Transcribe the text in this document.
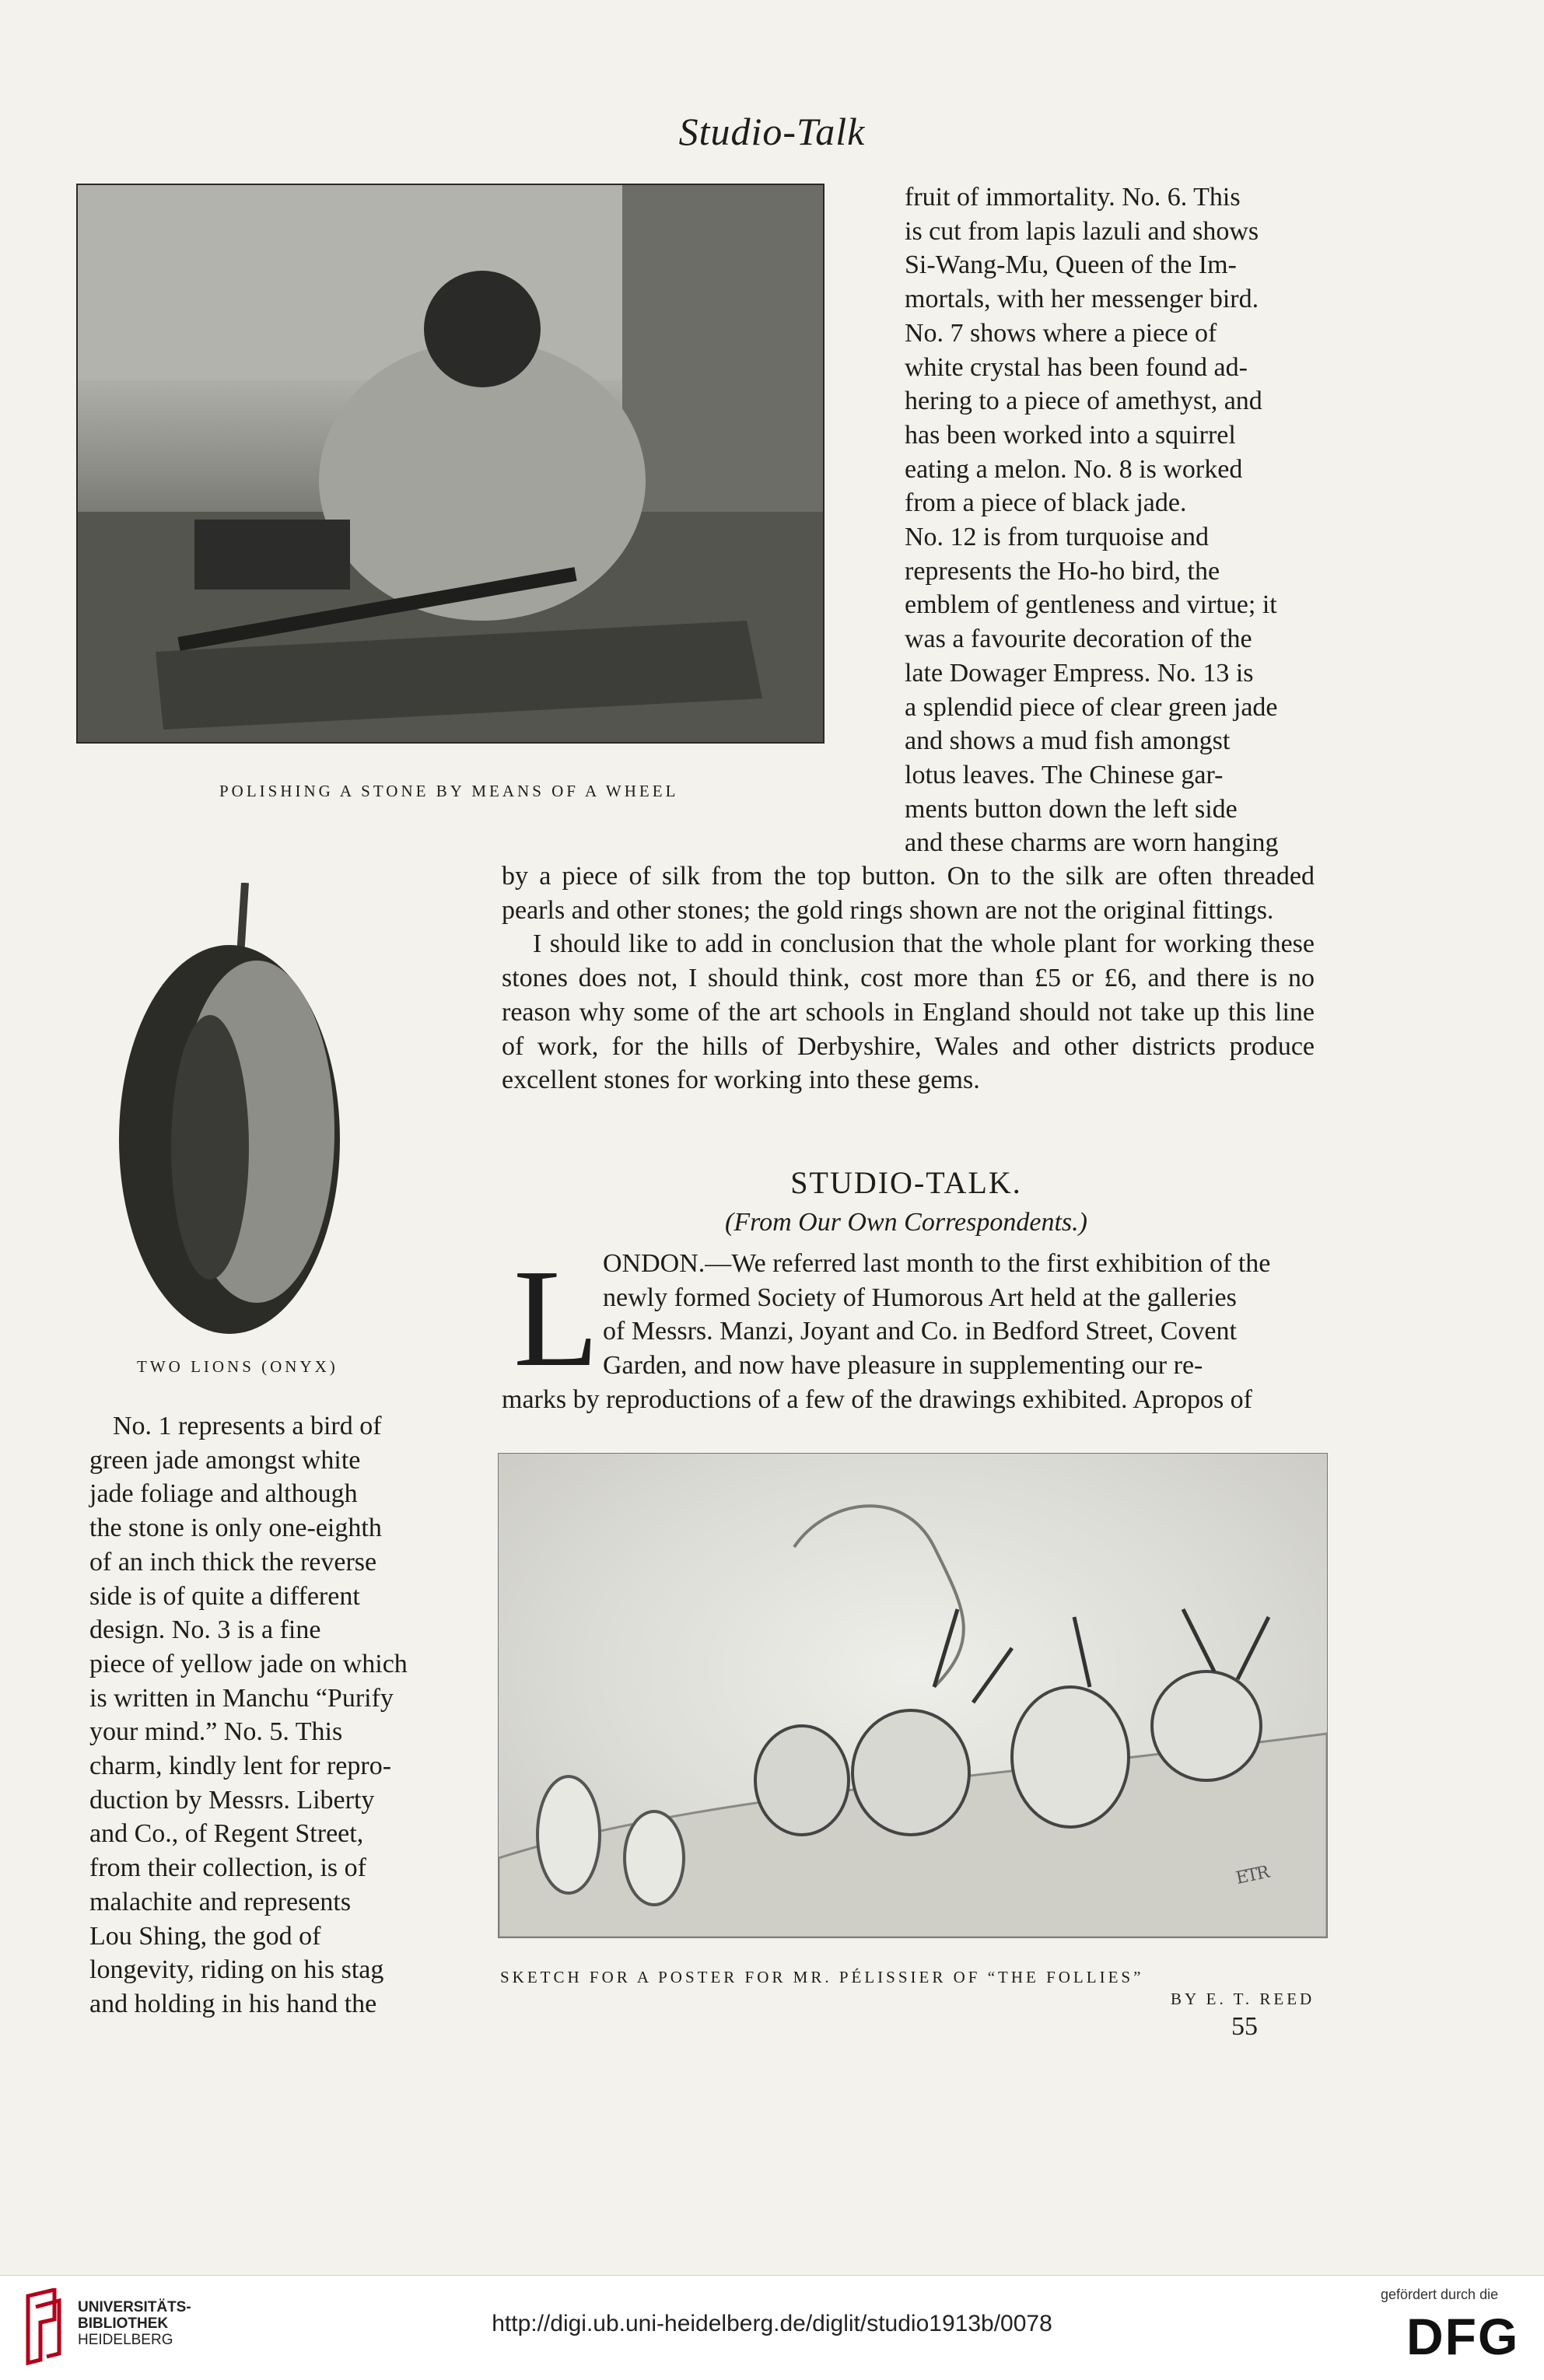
Studio-Talk
POLISHING A STONE BY MEANS OF A WHEEL
fruit of immortality. No. 6. This
is cut from lapis lazuli and shows
Si-Wang-Mu, Queen of the Im-
mortals, with her messenger bird.
No. 7 shows where a piece of
white crystal has been found ad-
hering to a piece of amethyst, and
has been worked into a squirrel
eating a melon. No. 8 is worked
from a piece of black jade.
No. 12 is from turquoise and
represents the Ho-ho bird, the
emblem of gentleness and virtue; it
was a favourite decoration of the
late Dowager Empress. No. 13 is
a splendid piece of clear green jade
and shows a mud fish amongst
lotus leaves. The Chinese gar-
ments button down the left side
and these charms are worn hanging
TWO LIONS (ONYX)

by a piece of silk from the top button. On to the silk are often threaded pearls and other stones; the gold rings shown are not the original fittings.

I should like to add in conclusion that the whole plant for working these stones does not, I should think, cost more than £5 or £6, and there is no reason why some of the art schools in England should not take up this line of work, for the hills of Derbyshire, Wales and other districts produce excellent stones for working into these gems.

STUDIO-TALK.
(From Our Own Correspondents.)
L ONDON.—We referred last month to the first exhibition of the
newly formed Society of Humorous Art held at the galleries
of Messrs. Manzi, Joyant and Co. in Bedford Street, Covent
Garden, and now have pleasure in supplementing our re-
marks by reproductions of a few of the drawings exhibited. Apropos of
No. 1 represents a bird of
green jade amongst white
jade foliage and although
the stone is only one-eighth
of an inch thick the reverse
side is of quite a different
design. No. 3 is a fine
piece of yellow jade on which
is written in Manchu “Purify
your mind.” No. 5. This
charm, kindly lent for repro-
duction by Messrs. Liberty
and Co., of Regent Street,
from their collection, is of
malachite and represents
Lou Shing, the god of
longevity, riding on his stag
and holding in his hand the
ETR
SKETCH FOR A POSTER FOR MR. PÉLISSIER OF “THE FOLLIES”
BY E. T. REED
55
UNIVERSITÄTS-
BIBLIOTHEK
HEIDELBERG
http://digi.ub.uni-heidelberg.de/diglit/studio1913b/0078
gefördert durch die
DFG
